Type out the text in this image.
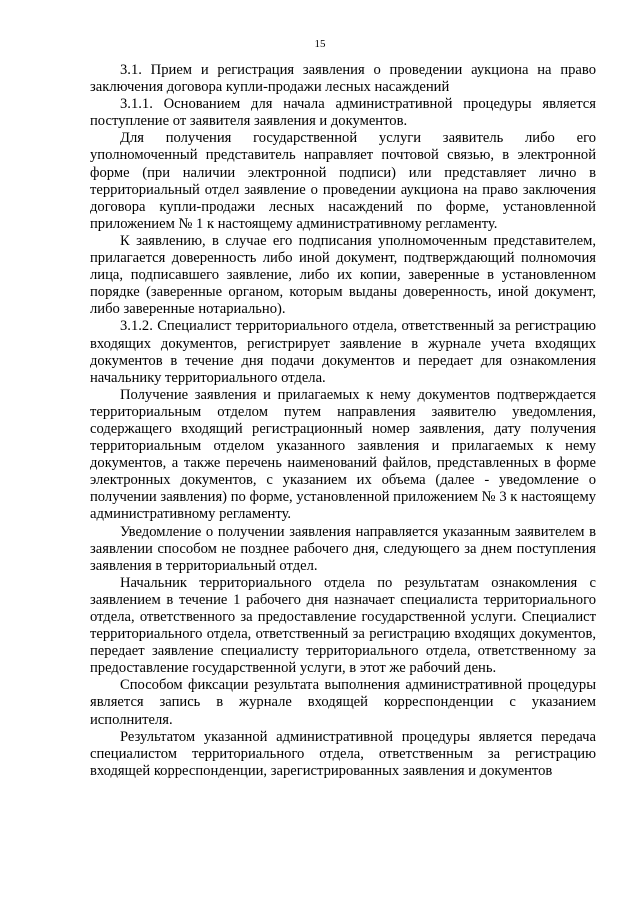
15

3.1. Прием и регистрация заявления о проведении аукциона на право заключения договора купли-продажи лесных насаждений

3.1.1. Основанием для начала административной процедуры является поступление от заявителя заявления и документов.

Для получения государственной услуги заявитель либо его уполномоченный представитель направляет почтовой связью, в электронной форме (при наличии электронной подписи) или представляет лично в территориальный отдел заявление о проведении аукциона на право заключения договора купли-продажи лесных насаждений по форме, установленной приложением № 1 к настоящему административному регламенту.

К заявлению, в случае его подписания уполномоченным представителем, прилагается доверенность либо иной документ, подтверждающий полномочия лица, подписавшего заявление, либо их копии, заверенные в установленном порядке (заверенные органом, которым выданы доверенность, иной документ, либо заверенные нотариально).

3.1.2. Специалист территориального отдела, ответственный за регистрацию входящих документов, регистрирует заявление в журнале учета входящих документов в течение дня подачи документов и передает для ознакомления начальнику территориального отдела.

Получение заявления и прилагаемых к нему документов подтверждается территориальным отделом путем направления заявителю уведомления, содержащего входящий регистрационный номер заявления, дату получения территориальным отделом указанного заявления и прилагаемых к нему документов, а также перечень наименований файлов, представленных в форме электронных документов, с указанием их объема (далее - уведомление о получении заявления) по форме, установленной приложением № 3 к настоящему административному регламенту.

Уведомление о получении заявления направляется указанным заявителем в заявлении способом не позднее рабочего дня, следующего за днем поступления заявления в территориальный отдел.

Начальник территориального отдела по результатам ознакомления с заявлением в течение 1 рабочего дня назначает специалиста территориального отдела, ответственного за предоставление государственной услуги. Специалист территориального отдела, ответственный за регистрацию входящих документов, передает заявление специалисту территориального отдела, ответственному за предоставление государственной услуги, в этот же рабочий день.

Способом фиксации результата выполнения административной процедуры является запись в журнале входящей корреспонденции с указанием исполнителя.

Результатом указанной административной процедуры является передача специалистом территориального отдела, ответственным за регистрацию входящей корреспонденции, зарегистрированных заявления и документов
